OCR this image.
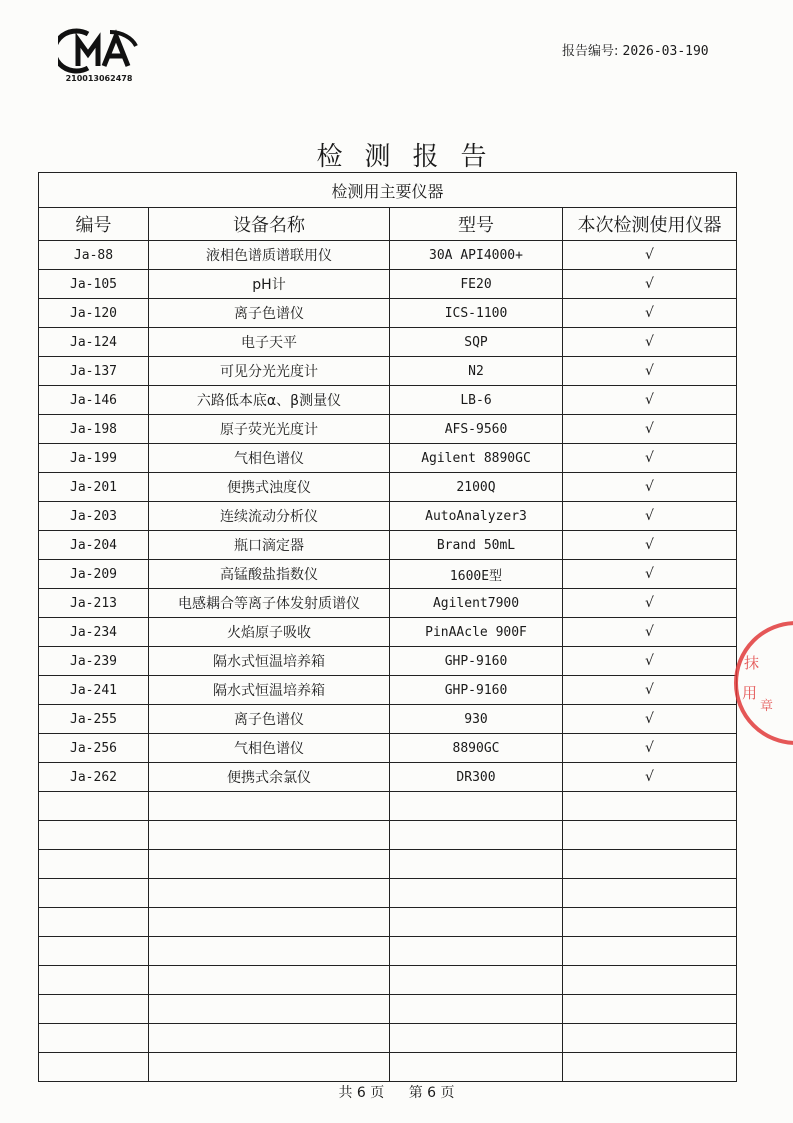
210013062478
报告编号: 2026-03-190
检测报告
检测用主要仪器			
编号	设备名称	型号	本次检测使用仪器
Ja-88	液相色谱质谱联用仪	30A API4000+	√
Ja-105	pH计	FE20	√
Ja-120	离子色谱仪	ICS-1100	√
Ja-124	电子天平	SQP	√
Ja-137	可见分光光度计	N2	√
Ja-146	六路低本底α、β测量仪	LB-6	√
Ja-198	原子荧光光度计	AFS-9560	√
Ja-199	气相色谱仪	Agilent 8890GC	√
Ja-201	便携式浊度仪	2100Q	√
Ja-203	连续流动分析仪	AutoAnalyzer3	√
Ja-204	瓶口滴定器	Brand 50mL	√
Ja-209	高锰酸盐指数仪	1600E型	√
Ja-213	电感耦合等离子体发射质谱仪	Agilent7900	√
Ja-234	火焰原子吸收	PinAAcle 900F	√
Ja-239	隔水式恒温培养箱	GHP-9160	√
Ja-241	隔水式恒温培养箱	GHP-9160	√
Ja-255	离子色谱仪	930	√
Ja-256	气相色谱仪	8890GC	√
Ja-262	便携式余氯仪	DR300	√

抹
用
章
共 6 页 第 6 页
